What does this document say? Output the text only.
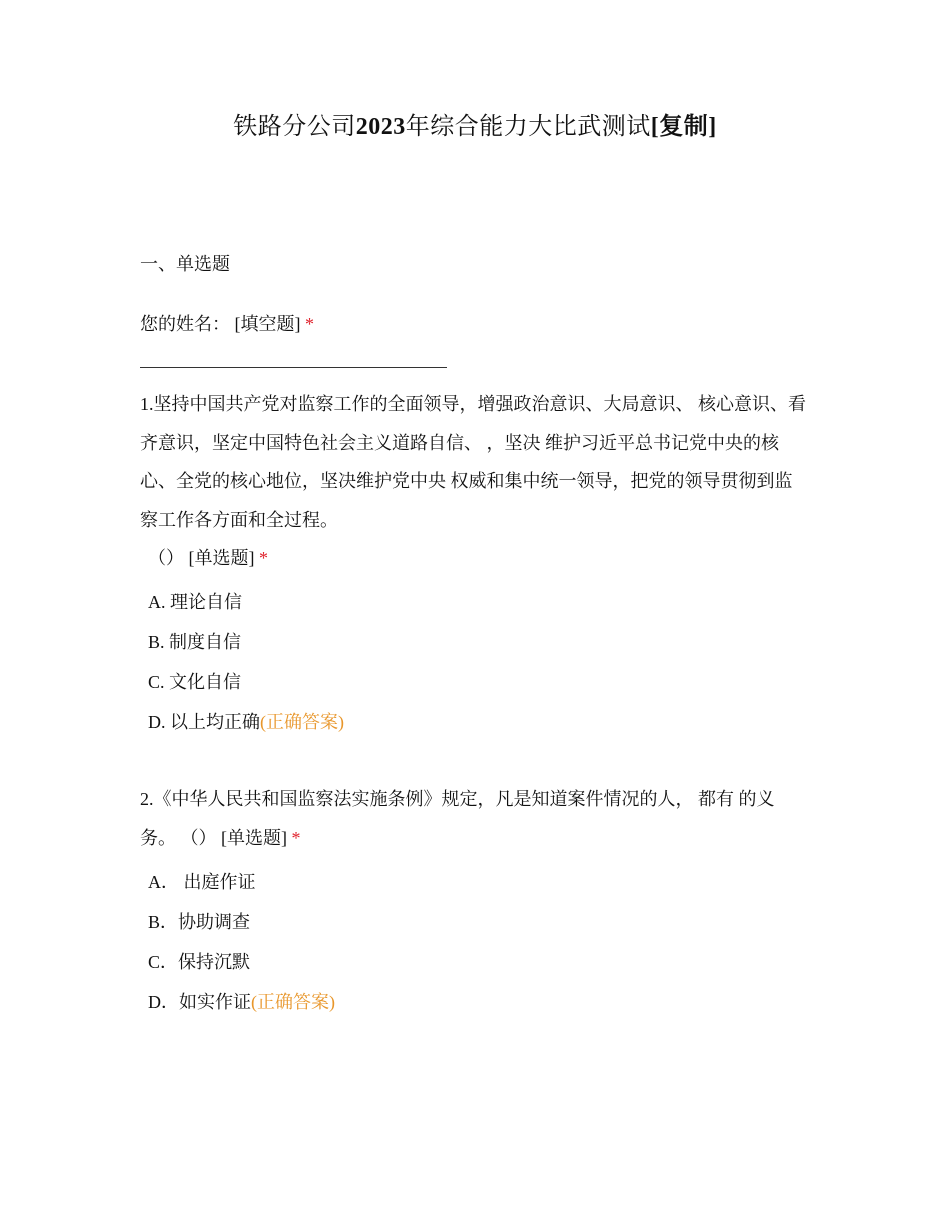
铁路分公司2023年综合能力大比武测试[复制]
一、单选题
您的姓名： [填空题] *
1.坚持中国共产党对监察工作的全面领导，增强政治意识、大局意识、 核心意识、看齐意识，坚定中国特色社会主义道路自信、 ，坚决 维护习近平总书记党中央的核心、全党的核心地位，坚决维护党中央 权威和集中统一领导，把党的领导贯彻到监察工作各方面和全过程。
（） [单选题] *
A. 理论自信
B. 制度自信
C. 文化自信
D. 以上均正确(正确答案)
2.《中华人民共和国监察法实施条例》规定，凡是知道案件情况的人， 都有 的义务。 （） [单选题] *
A． 出庭作证
B．协助调查
C．保持沉默
D．如实作证(正确答案)
